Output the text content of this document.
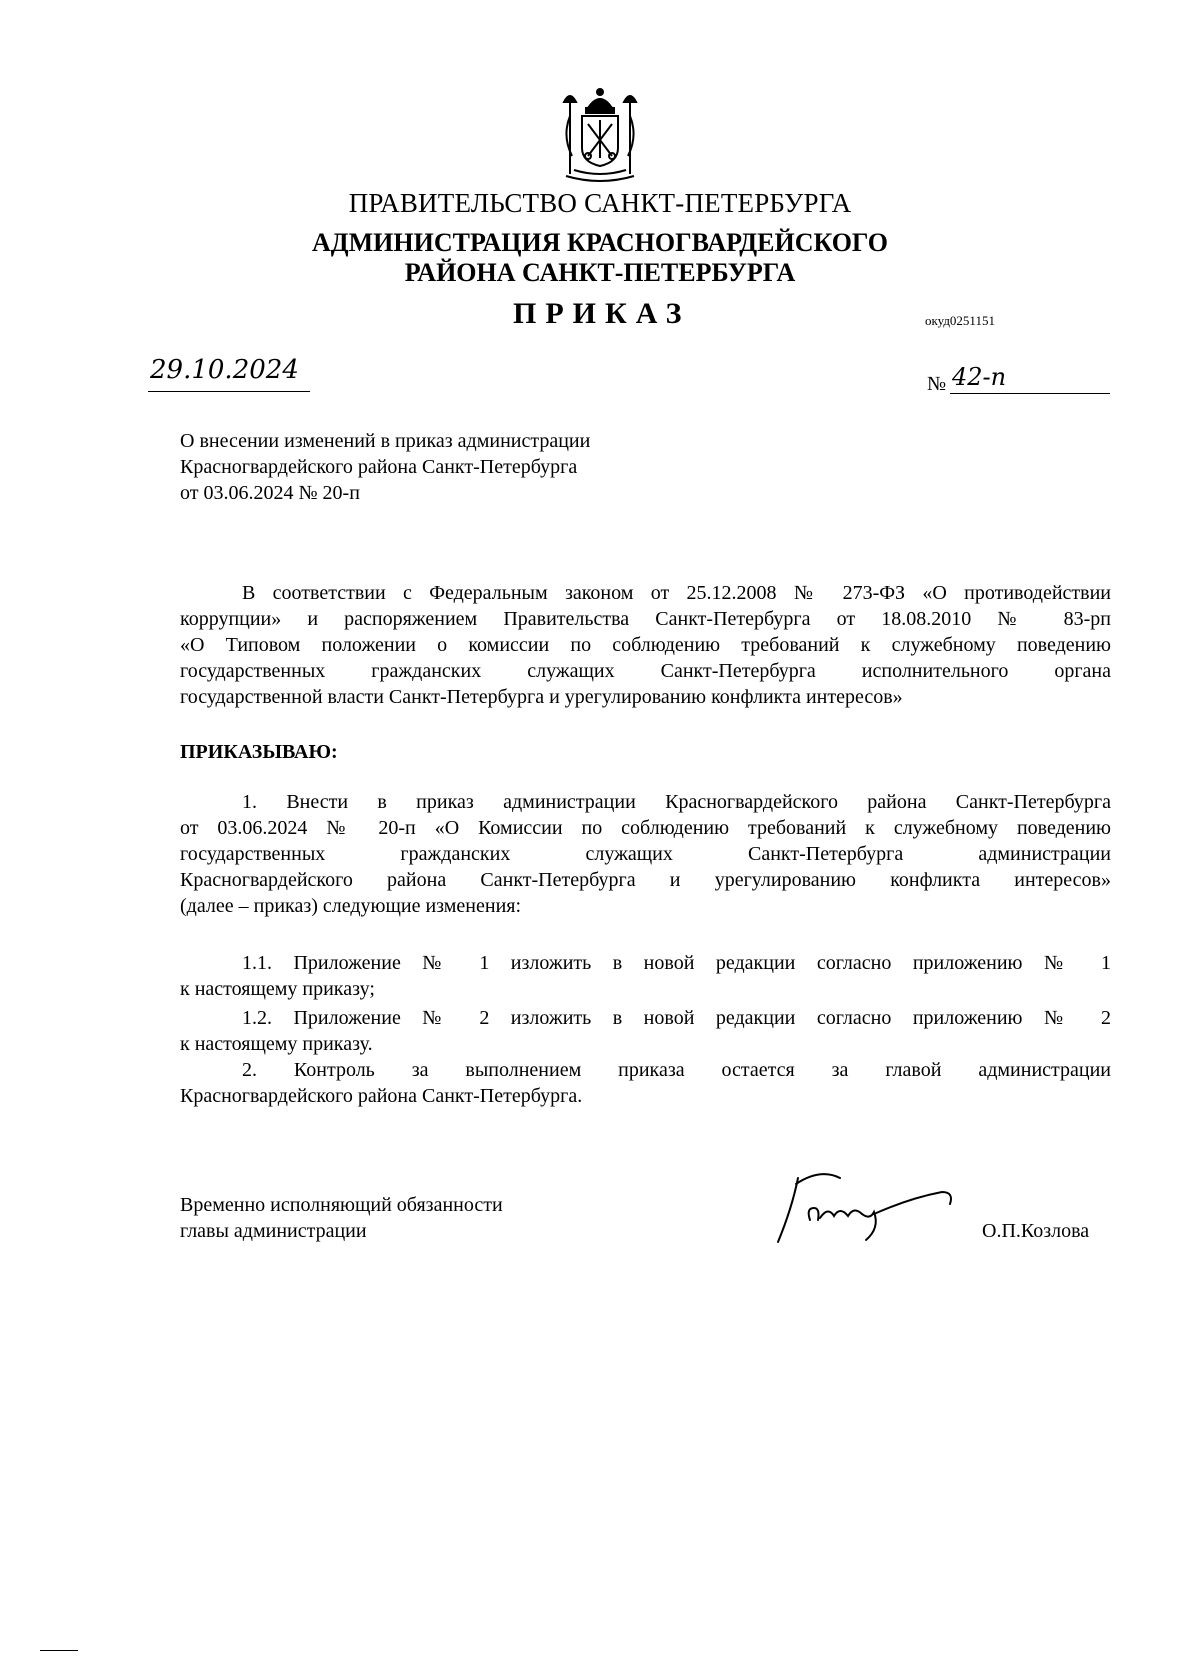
ПРАВИТЕЛЬСТВО САНКТ-ПЕТЕРБУРГА
АДМИНИСТРАЦИЯ КРАСНОГВАРДЕЙСКОГО
РАЙОНА САНКТ-ПЕТЕРБУРГА
ПРИКАЗ	окуд0251151
29.10.2024	№ 42-п
О внесении изменений в приказ администрации
Красногвардейского района Санкт-Петербурга
от 03.06.2024 № 20-п
В соответствии с Федеральным законом от 25.12.2008 № 273-ФЗ «О противодействии
коррупции» и распоряжением Правительства Санкт-Петербурга от 18.08.2010 № 83-рп
«О Типовом положении о комиссии по соблюдению требований к служебному поведению
государственных гражданских служащих Санкт-Петербурга исполнительного органа
государственной власти Санкт-Петербурга и урегулированию конфликта интересов»
ПРИКАЗЫВАЮ:
1. Внести в приказ администрации Красногвардейского района Санкт-Петербурга
от 03.06.2024 № 20-п «О Комиссии по соблюдению требований к служебному поведению
государственных гражданских служащих Санкт-Петербурга администрации
Красногвардейского района Санкт-Петербурга и урегулированию конфликта интересов»
(далее – приказ) следующие изменения:
1.1. Приложение № 1 изложить в новой редакции согласно приложению № 1
к настоящему приказу;
1.2. Приложение № 2 изложить в новой редакции согласно приложению № 2
к настоящему приказу.
2. Контроль за выполнением приказа остается за главой администрации
Красногвардейского района Санкт-Петербурга.
Временно исполняющий обязанности
главы администрации	О.П.Козлова
